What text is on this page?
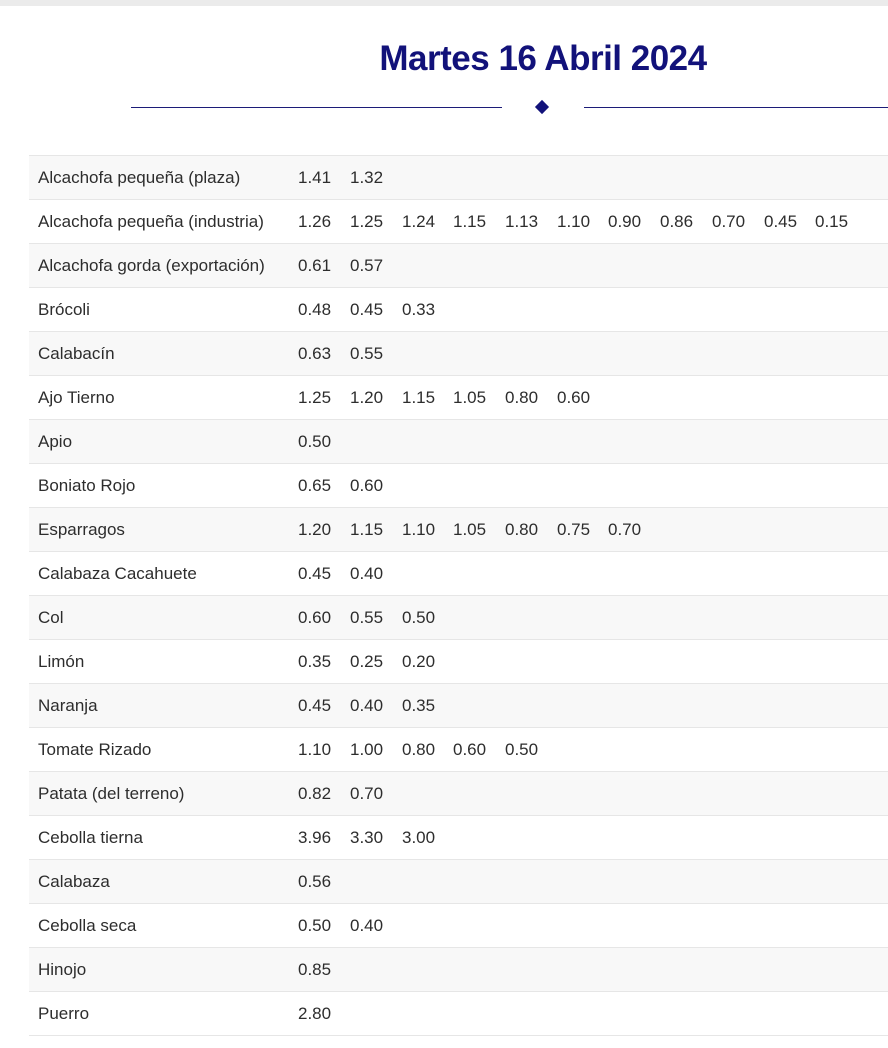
Martes 16 Abril 2024
Alcachofa pequeña (plaza)	1.41 1.32
Alcachofa pequeña (industria) 1.26 1.25 1.24 1.15 1.13 1.10 0.90 0.86 0.70 0.45 0.15
Alcachofa gorda (exportación) 0.61 0.57
Brócoli	0.48 0.45 0.33
Calabacín	0.63 0.55
Ajo Tierno	1.25 1.20 1.15 1.05 0.80 0.60
Apio	0.50
Boniato Rojo	0.65 0.60
Esparragos	1.20 1.15 1.10 1.05 0.80 0.75 0.70
Calabaza Cacahuete	0.45 0.40
Col	0.60 0.55 0.50
Limón	0.35 0.25 0.20
Naranja	0.45 0.40 0.35
Tomate Rizado	1.10 1.00 0.80 0.60 0.50
Patata (del terreno)	0.82 0.70
Cebolla tierna	3.96 3.30 3.00
Calabaza	0.56
Cebolla seca	0.50 0.40
Hinojo	0.85
Puerro	2.80
